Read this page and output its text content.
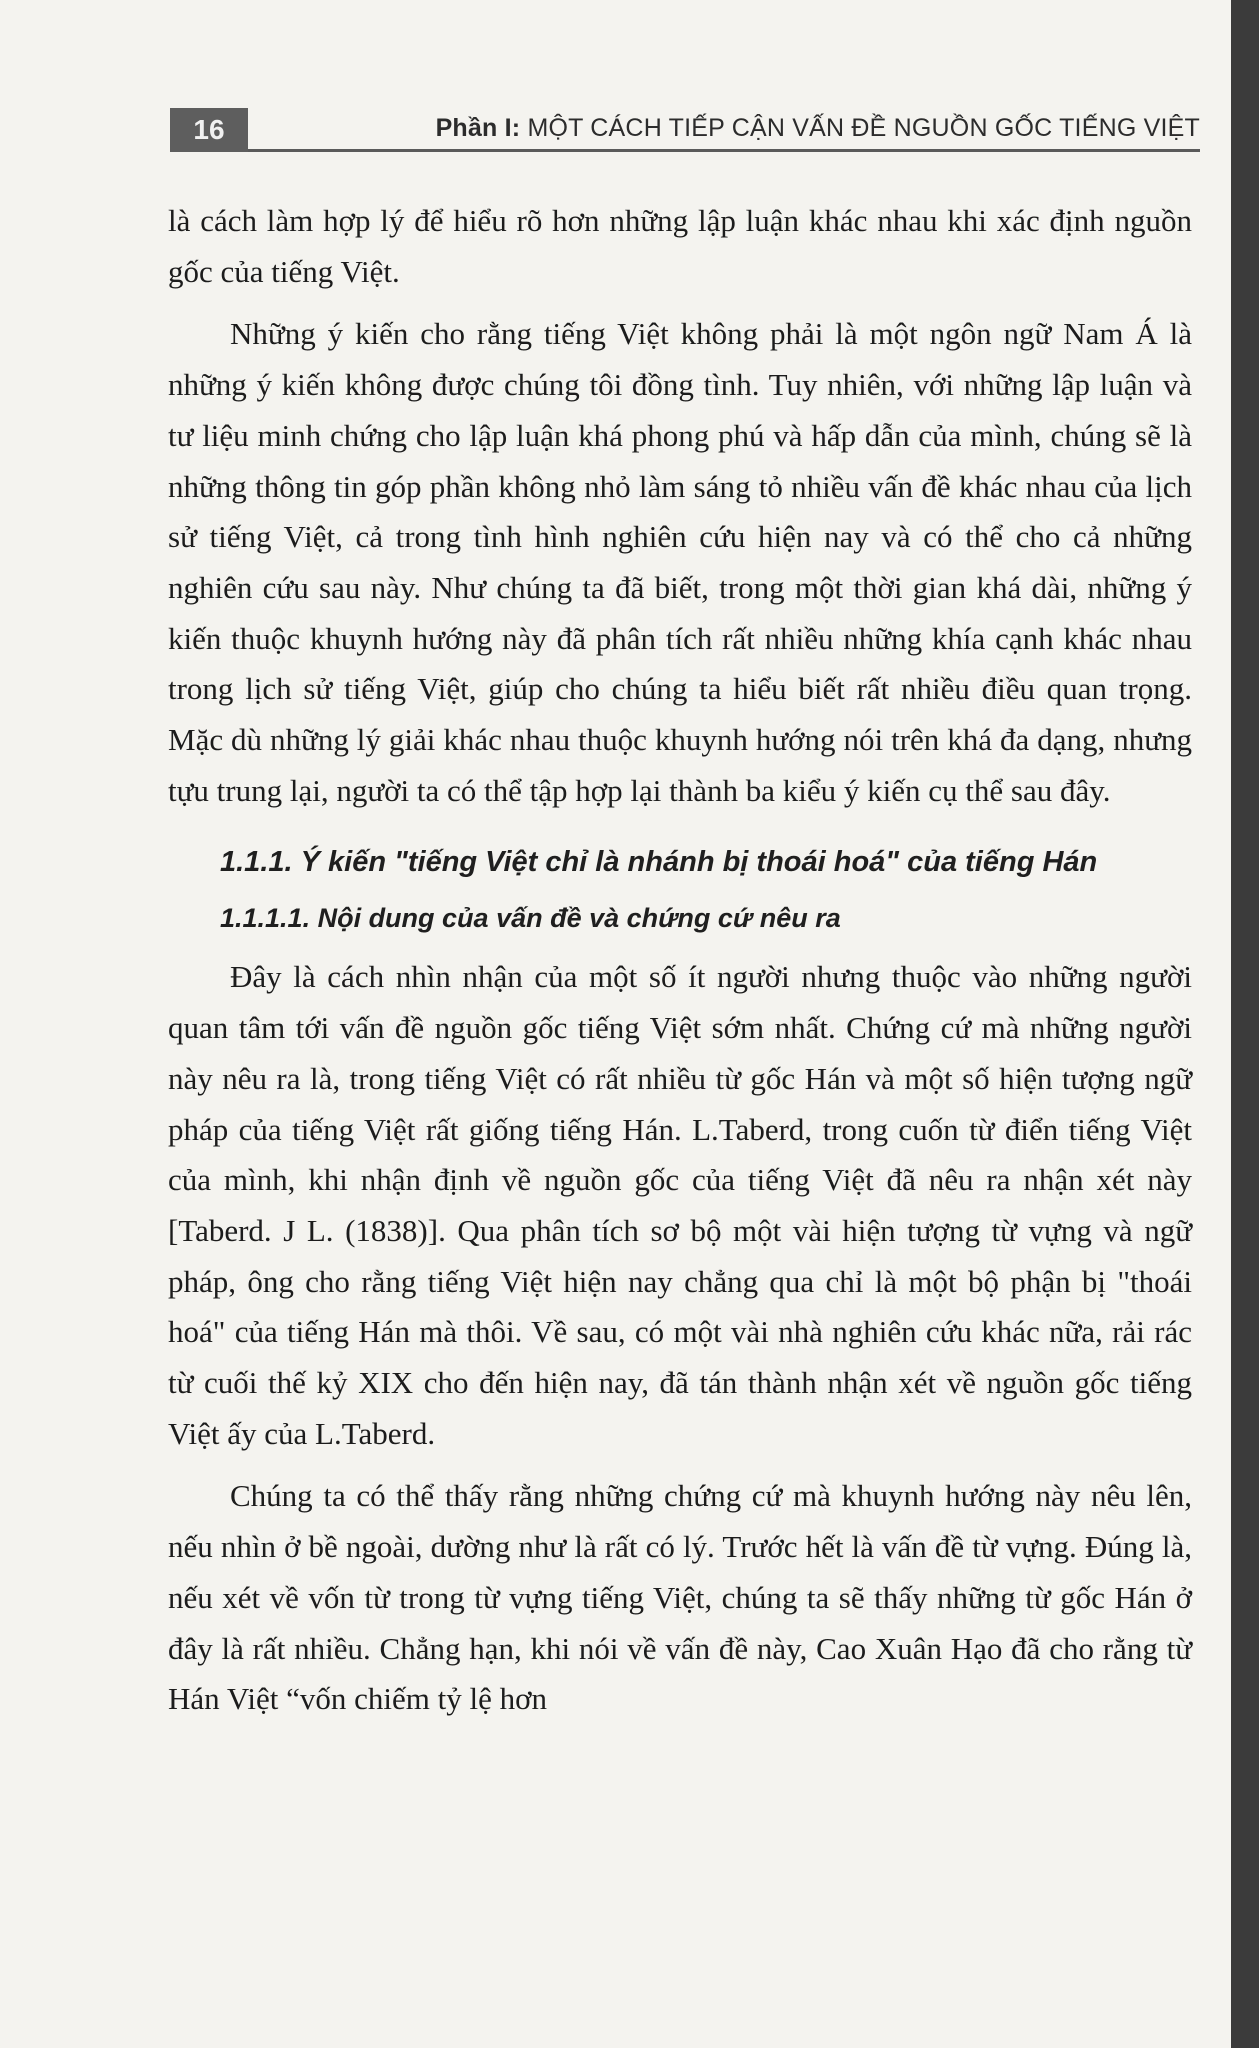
16	Phần I: MỘT CÁCH TIẾP CẬN VẤN ĐỀ NGUỒN GỐC TIẾNG VIỆT

là cách làm hợp lý để hiểu rõ hơn những lập luận khác nhau khi xác định nguồn gốc của tiếng Việt.

Những ý kiến cho rằng tiếng Việt không phải là một ngôn ngữ Nam Á là những ý kiến không được chúng tôi đồng tình. Tuy nhiên, với những lập luận và tư liệu minh chứng cho lập luận khá phong phú và hấp dẫn của mình, chúng sẽ là những thông tin góp phần không nhỏ làm sáng tỏ nhiều vấn đề khác nhau của lịch sử tiếng Việt, cả trong tình hình nghiên cứu hiện nay và có thể cho cả những nghiên cứu sau này. Như chúng ta đã biết, trong một thời gian khá dài, những ý kiến thuộc khuynh hướng này đã phân tích rất nhiều những khía cạnh khác nhau trong lịch sử tiếng Việt, giúp cho chúng ta hiểu biết rất nhiều điều quan trọng. Mặc dù những lý giải khác nhau thuộc khuynh hướng nói trên khá đa dạng, nhưng tựu trung lại, người ta có thể tập hợp lại thành ba kiểu ý kiến cụ thể sau đây.

1.1.1. Ý kiến "tiếng Việt chỉ là nhánh bị thoái hoá" của tiếng Hán
1.1.1.1. Nội dung của vấn đề và chứng cứ nêu ra

Đây là cách nhìn nhận của một số ít người nhưng thuộc vào những người quan tâm tới vấn đề nguồn gốc tiếng Việt sớm nhất. Chứng cứ mà những người này nêu ra là, trong tiếng Việt có rất nhiều từ gốc Hán và một số hiện tượng ngữ pháp của tiếng Việt rất giống tiếng Hán. L.Taberd, trong cuốn từ điển tiếng Việt của mình, khi nhận định về nguồn gốc của tiếng Việt đã nêu ra nhận xét này [Taberd. J L. (1838)]. Qua phân tích sơ bộ một vài hiện tượng từ vựng và ngữ pháp, ông cho rằng tiếng Việt hiện nay chẳng qua chỉ là một bộ phận bị "thoái hoá" của tiếng Hán mà thôi. Về sau, có một vài nhà nghiên cứu khác nữa, rải rác từ cuối thế kỷ XIX cho đến hiện nay, đã tán thành nhận xét về nguồn gốc tiếng Việt ấy của L.Taberd.

Chúng ta có thể thấy rằng những chứng cứ mà khuynh hướng này nêu lên, nếu nhìn ở bề ngoài, dường như là rất có lý. Trước hết là vấn đề từ vựng. Đúng là, nếu xét về vốn từ trong từ vựng tiếng Việt, chúng ta sẽ thấy những từ gốc Hán ở đây là rất nhiều. Chẳng hạn, khi nói về vấn đề này, Cao Xuân Hạo đã cho rằng từ Hán Việt “vốn chiếm tỷ lệ hơn
